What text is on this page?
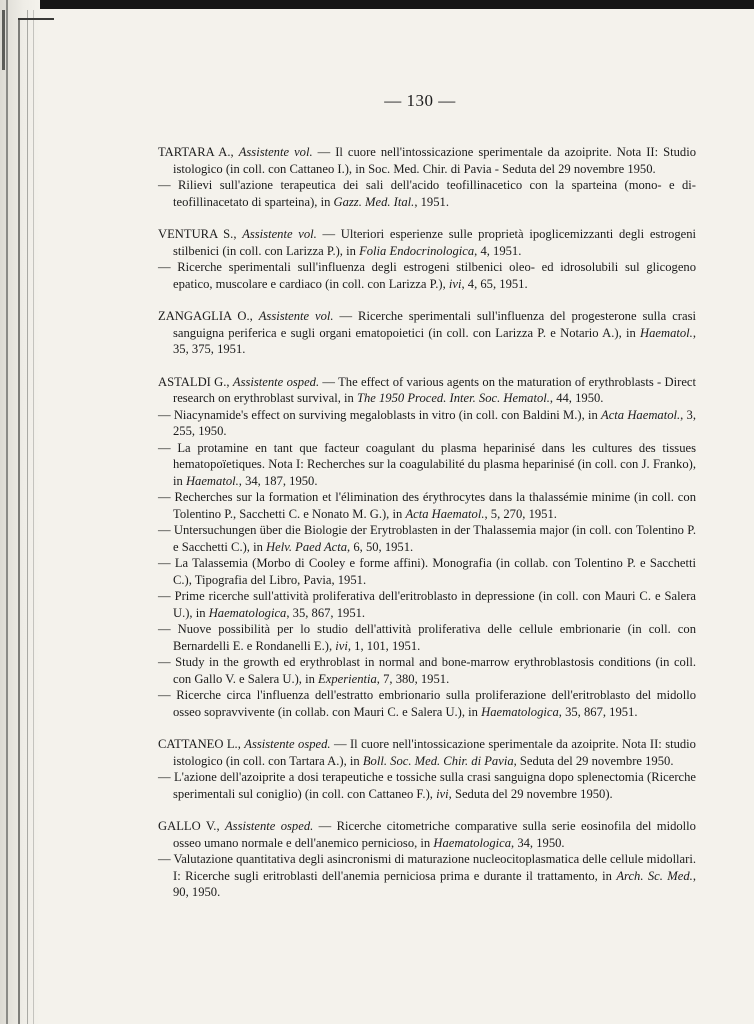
— 130 —
TARTARA A., Assistente vol. — Il cuore nell'intossicazione sperimentale da azoiprite. Nota II: Studio istologico (in coll. con Cattaneo I.), in Soc. Med. Chir. di Pavia - Seduta del 29 novembre 1950.
— Rilievi sull'azione terapeutica dei sali dell'acido teofillinacetico con la sparteina (mono- e di-teofillinacetato di sparteina), in Gazz. Med. Ital., 1951.
VENTURA S., Assistente vol. — Ulteriori esperienze sulle proprietà ipoglicemizzanti degli estrogeni stilbenici (in coll. con Larizza P.), in Folia Endocrinologica, 4, 1951.
— Ricerche sperimentali sull'influenza degli estrogeni stilbenici oleo- ed idrosolubili sul glicogeno epatico, muscolare e cardiaco (in coll. con Larizza P.), ivi, 4, 65, 1951.
ZANGAGLIA O., Assistente vol. — Ricerche sperimentali sull'influenza del progesterone sulla crasi sanguigna periferica e sugli organi ematopoietici (in coll. con Larizza P. e Notario A.), in Haematol., 35, 375, 1951.
ASTALDI G., Assistente osped. — The effect of various agents on the maturation of erythroblasts - Direct research on erythroblast survival, in The 1950 Proced. Inter. Soc. Hematol., 44, 1950.
— Niacynamide's effect on surviving megaloblasts in vitro (in coll. con Baldini M.), in Acta Haematol., 3, 255, 1950.
— La protamine en tant que facteur coagulant du plasma heparinisé dans les cultures des tissues hematopoïetiques. Nota I: Recherches sur la coagulabilité du plasma heparinisé (in coll. con J. Franko), in Haematol., 34, 187, 1950.
— Recherches sur la formation et l'élimination des érythrocytes dans la thalassémie minime (in coll. con Tolentino P., Sacchetti C. e Nonato M. G.), in Acta Haematol., 5, 270, 1951.
— Untersuchungen über die Biologie der Erytroblasten in der Thalassemia major (in coll. con Tolentino P. e Sacchetti C.), in Helv. Paed Acta, 6, 50, 1951.
— La Talassemia (Morbo di Cooley e forme affini). Monografia (in collab. con Tolentino P. e Sacchetti C.), Tipografia del Libro, Pavia, 1951.
— Prime ricerche sull'attività proliferativa dell'eritroblasto in depressione (in coll. con Mauri C. e Salera U.), in Haematologica, 35, 867, 1951.
— Nuove possibilità per lo studio dell'attività proliferativa delle cellule embrionarie (in coll. con Bernardelli E. e Rondanelli E.), ivi, 1, 101, 1951.
— Study in the growth ed erythroblast in normal and bone-marrow erythroblastosis conditions (in coll. con Gallo V. e Salera U.), in Experientia, 7, 380, 1951.
— Ricerche circa l'influenza dell'estratto embrionario sulla proliferazione dell'eritroblasto del midollo osseo sopravvivente (in collab. con Mauri C. e Salera U.), in Haematologica, 35, 867, 1951.
CATTANEO L., Assistente osped. — Il cuore nell'intossicazione sperimentale da azoiprite. Nota II: studio istologico (in coll. con Tartara A.), in Boll. Soc. Med. Chir. di Pavia, Seduta del 29 novembre 1950.
— L'azione dell'azoiprite a dosi terapeutiche e tossiche sulla crasi sanguigna dopo splenectomia (Ricerche sperimentali sul coniglio) (in coll. con Cattaneo F.), ivi, Seduta del 29 novembre 1950).
GALLO V., Assistente osped. — Ricerche citometriche comparative sulla serie eosinofila del midollo osseo umano normale e dell'anemico pernicioso, in Haematologica, 34, 1950.
— Valutazione quantitativa degli asincronismi di maturazione nucleocitoplasmatica delle cellule midollari. I: Ricerche sugli eritroblasti dell'anemia perniciosa prima e durante il trattamento, in Arch. Sc. Med., 90, 1950.
